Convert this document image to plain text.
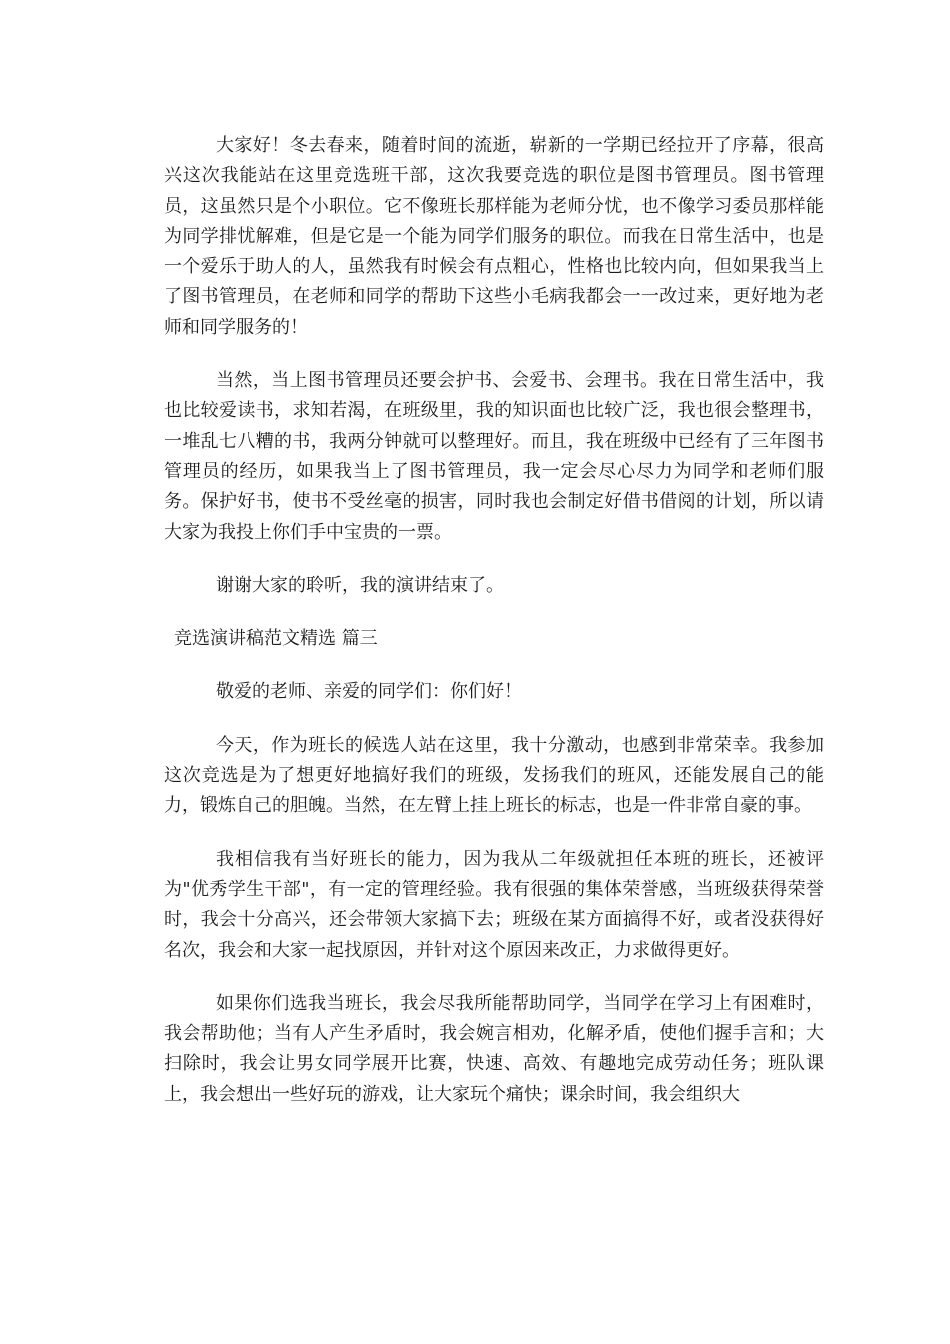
大家好！冬去春来，随着时间的流逝，崭新的一学期已经拉开了序幕，很高兴这次我能站在这里竞选班干部，这次我要竞选的职位是图书管理员。图书管理员，这虽然只是个小职位。它不像班长那样能为老师分忧，也不像学习委员那样能为同学排忧解难，但是它是一个能为同学们服务的职位。而我在日常生活中，也是一个爱乐于助人的人，虽然我有时候会有点粗心，性格也比较内向，但如果我当上了图书管理员，在老师和同学的帮助下这些小毛病我都会一一改过来，更好地为老师和同学服务的！

当然，当上图书管理员还要会护书、会爱书、会理书。我在日常生活中，我也比较爱读书，求知若渴，在班级里，我的知识面也比较广泛，我也很会整理书，一堆乱七八糟的书，我两分钟就可以整理好。而且，我在班级中已经有了三年图书管理员的经历，如果我当上了图书管理员，我一定会尽心尽力为同学和老师们服务。保护好书，使书不受丝毫的损害，同时我也会制定好借书借阅的计划，所以请大家为我投上你们手中宝贵的一票。

谢谢大家的聆听，我的演讲结束了。

竞选演讲稿范文精选 篇三

敬爱的老师、亲爱的同学们：你们好！

今天，作为班长的候选人站在这里，我十分激动，也感到非常荣幸。我参加这次竞选是为了想更好地搞好我们的班级，发扬我们的班风，还能发展自己的能力，锻炼自己的胆魄。当然，在左臂上挂上班长的标志，也是一件非常自豪的事。

我相信我有当好班长的能力，因为我从二年级就担任本班的班长，还被评为"优秀学生干部"，有一定的管理经验。我有很强的集体荣誉感，当班级获得荣誉时，我会十分高兴，还会带领大家搞下去；班级在某方面搞得不好，或者没获得好名次，我会和大家一起找原因，并针对这个原因来改正，力求做得更好。

如果你们选我当班长，我会尽我所能帮助同学，当同学在学习上有困难时，我会帮助他；当有人产生矛盾时，我会婉言相劝，化解矛盾，使他们握手言和；大扫除时，我会让男女同学展开比赛，快速、高效、有趣地完成劳动任务；班队课上，我会想出一些好玩的游戏，让大家玩个痛快；课余时间，我会组织大
